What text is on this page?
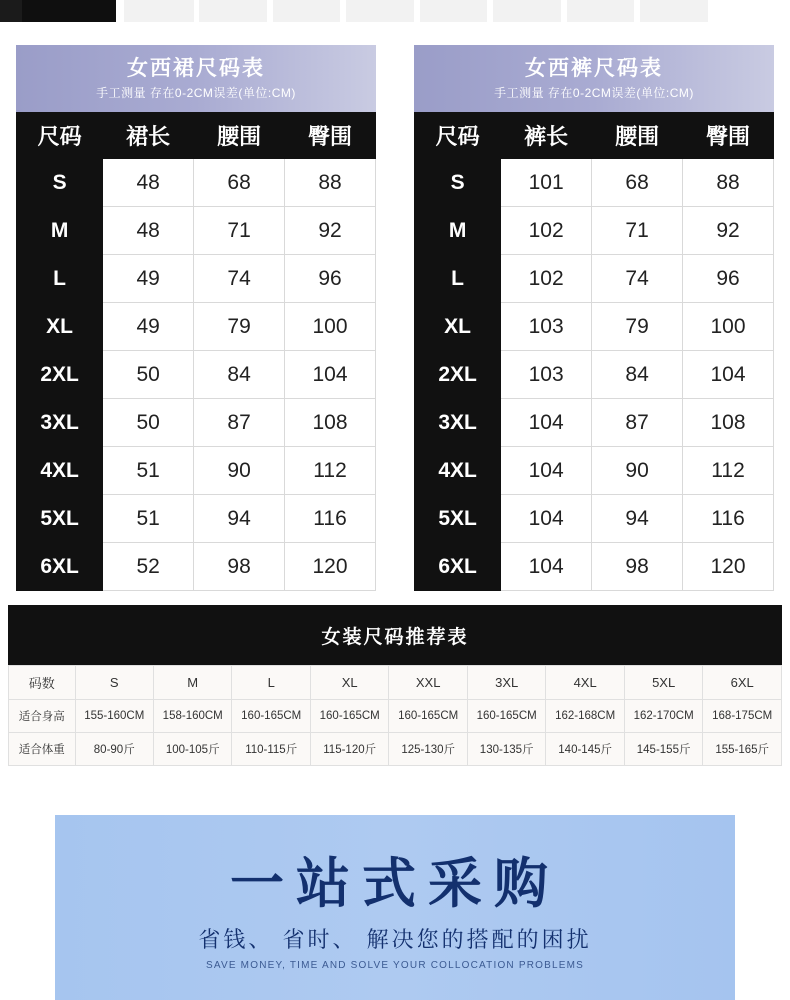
女西裙尺码表
手工测量 存在0-2CM误差(单位:CM)
尺码	裙长	腰围	臀围
S	48	68	88
M	48	71	92
L	49	74	96
XL	49	79	100
2XL	50	84	104
3XL	50	87	108
4XL	51	90	112
5XL	51	94	116
6XL	52	98	120
女西裤尺码表
手工测量 存在0-2CM误差(单位:CM)
尺码	裤长	腰围	臀围
S	101	68	88
M	102	71	92
L	102	74	96
XL	103	79	100
2XL	103	84	104
3XL	104	87	108
4XL	104	90	112
5XL	104	94	116
6XL	104	98	120
女装尺码推荐表
码数	S	M	L	XL	XXL	3XL	4XL	5XL	6XL
适合身高	155-160CM	158-160CM	160-165CM	160-165CM	160-165CM	160-165CM	162-168CM	162-170CM	168-175CM
适合体重	80-90斤	100-105斤	110-115斤	115-120斤	125-130斤	130-135斤	140-145斤	145-155斤	155-165斤
一站式采购
省钱、 省时、 解决您的搭配的困扰
SAVE MONEY, TIME AND SOLVE YOUR COLLOCATION PROBLEMS
